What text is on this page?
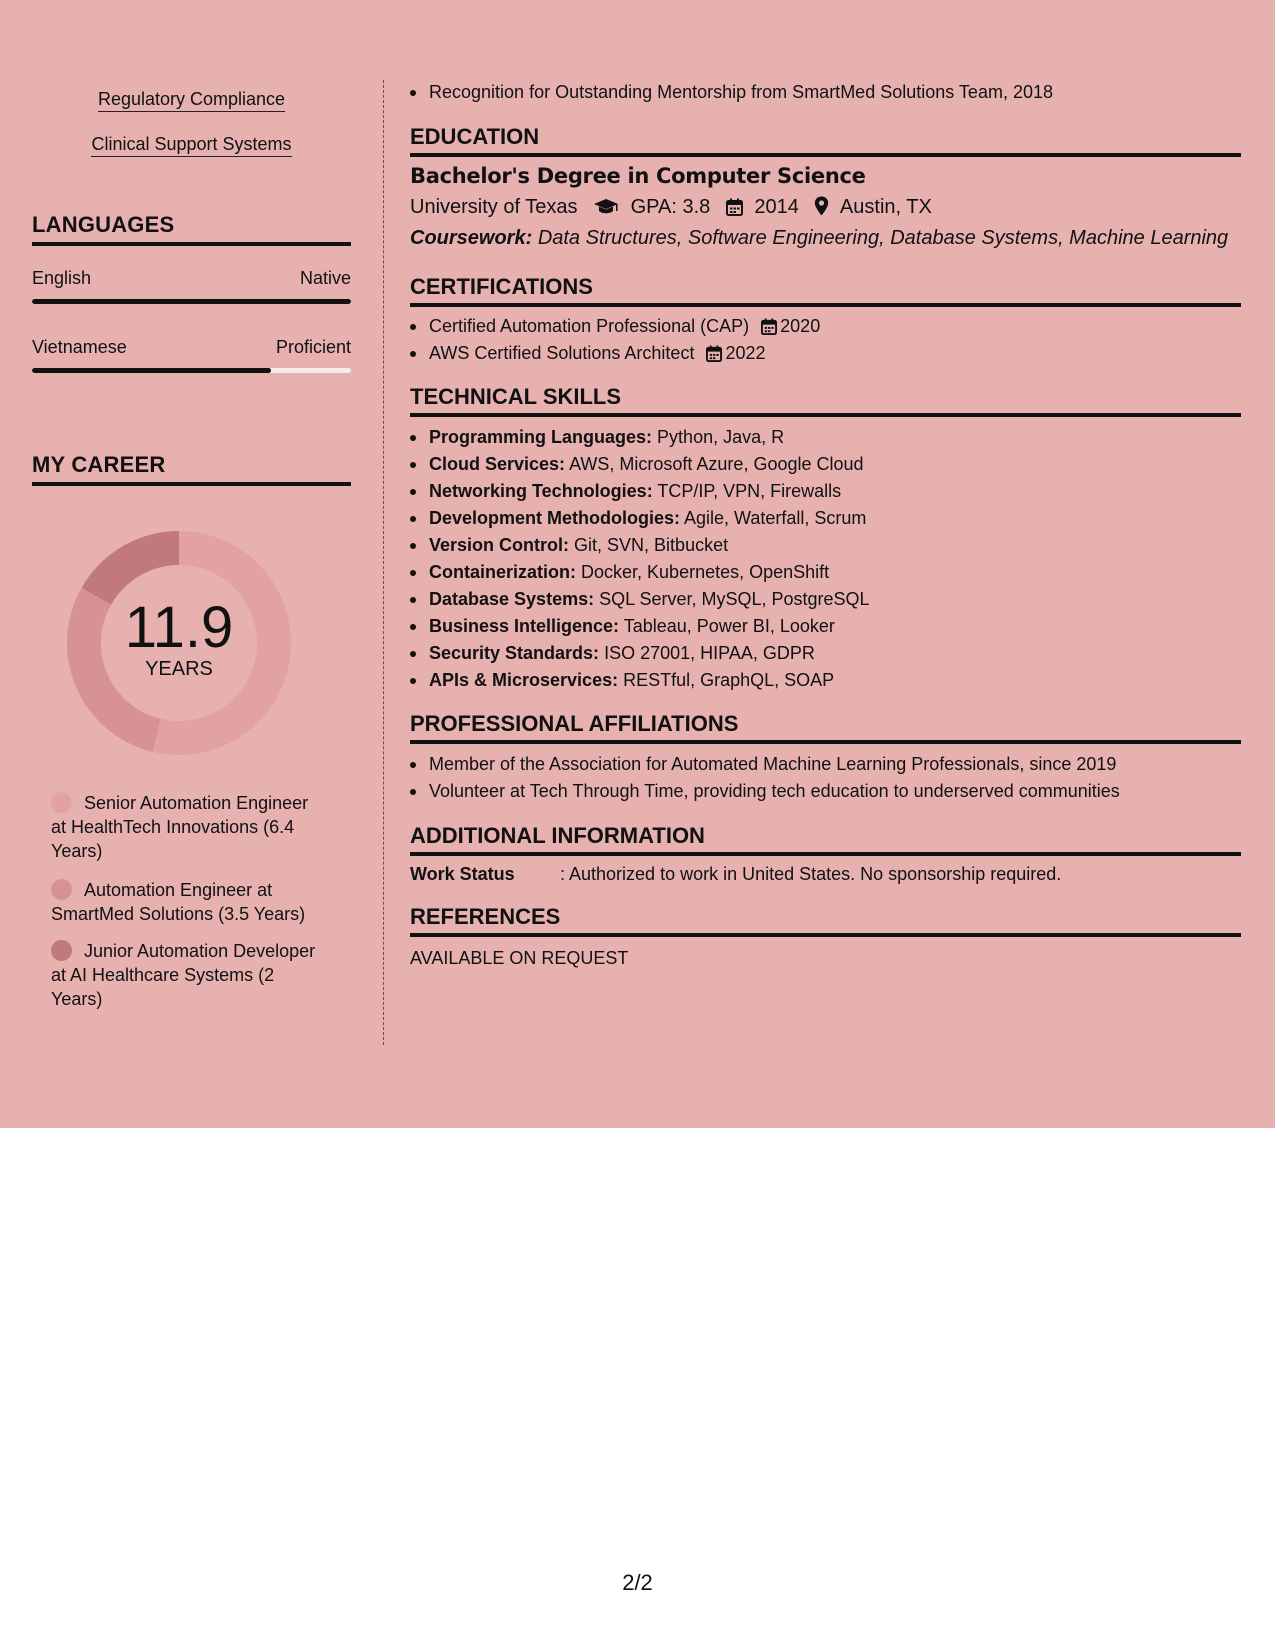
Regulatory Compliance
Clinical Support Systems
LANGUAGES
English	Native
Vietnamese	Proficient
MY CAREER
11.9
YEARS
Senior Automation Engineer at HealthTech Innovations (6.4 Years)
Automation Engineer at SmartMed Solutions (3.5 Years)
Junior Automation Developer at AI Healthcare Systems (2 Years)
Recognition for Outstanding Mentorship from SmartMed Solutions Team, 2018
EDUCATION
Bachelor's Degree in Computer Science
University of Texas	GPA: 3.8 2014 Austin, TX
Coursework: Data Structures, Software Engineering, Database Systems, Machine Learning
CERTIFICATIONS
Certified Automation Professional (CAP) 2020
AWS Certified Solutions Architect 2022
TECHNICAL SKILLS
Programming Languages: Python, Java, R
Cloud Services: AWS, Microsoft Azure, Google Cloud
Networking Technologies: TCP/IP, VPN, Firewalls
Development Methodologies: Agile, Waterfall, Scrum
Version Control: Git, SVN, Bitbucket
Containerization: Docker, Kubernetes, OpenShift
Database Systems: SQL Server, MySQL, PostgreSQL
Business Intelligence: Tableau, Power BI, Looker
Security Standards: ISO 27001, HIPAA, GDPR
APIs & Microservices: RESTful, GraphQL, SOAP
PROFESSIONAL AFFILIATIONS
Member of the Association for Automated Machine Learning Professionals, since 2019
Volunteer at Tech Through Time, providing tech education to underserved communities
ADDITIONAL INFORMATION
Work Status	: Authorized to work in United States. No sponsorship required.
REFERENCES
AVAILABLE ON REQUEST
2/2
